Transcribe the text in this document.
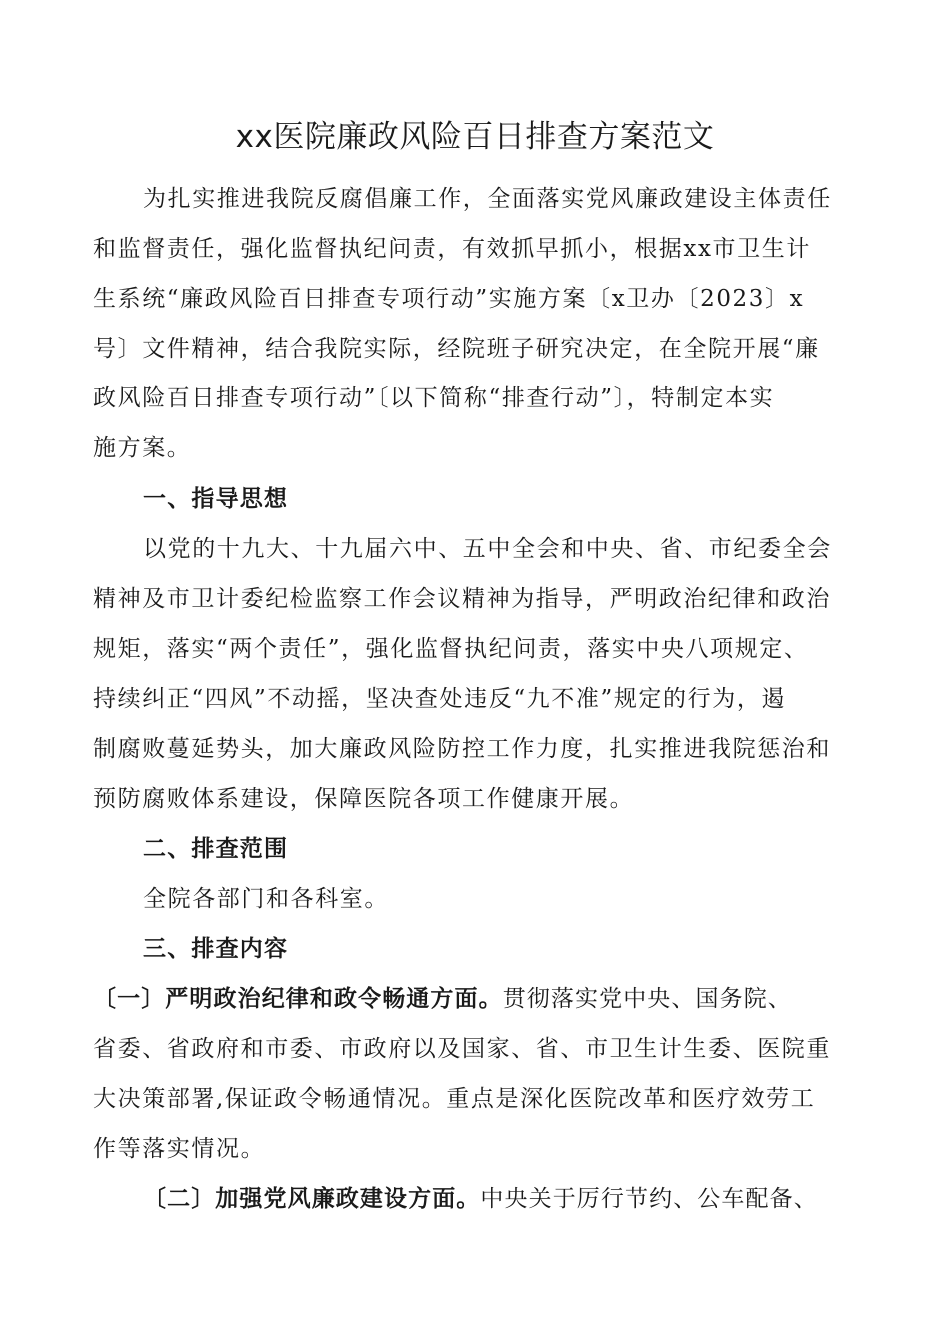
xx医院廉政风险百日排查方案范文
为扎实推进我院反腐倡廉工作，全面落实党风廉政建设主体责任
和监督责任，强化监督执纪问责，有效抓早抓小，根据xx市卫生计
生系统“廉政风险百日排查专项行动”实施方案〔x卫办〔2023〕x
号〕文件精神，结合我院实际，经院班子研究决定，在全院开展“廉
政风险百日排查专项行动”〔以下简称“排查行动”〕，特制定本实
施方案。
一、指导思想
以党的十九大、十九届六中、五中全会和中央、省、市纪委全会
精神及市卫计委纪检监察工作会议精神为指导，严明政治纪律和政治
规矩，落实“两个责任”，强化监督执纪问责，落实中央八项规定、
持续纠正“四风”不动摇，坚决查处违反“九不准”规定的行为，遏
制腐败蔓延势头，加大廉政风险防控工作力度，扎实推进我院惩治和
预防腐败体系建设，保障医院各项工作健康开展。
二、排查范围
全院各部门和各科室。
三、排查内容
〔一〕严明政治纪律和政令畅通方面。贯彻落实党中央、国务院、
省委、省政府和市委、市政府以及国家、省、市卫生计生委、医院重
大决策部署,保证政令畅通情况。重点是深化医院改革和医疗效劳工
作等落实情况。
〔二〕加强党风廉政建设方面。中央关于厉行节约、公车配备、
